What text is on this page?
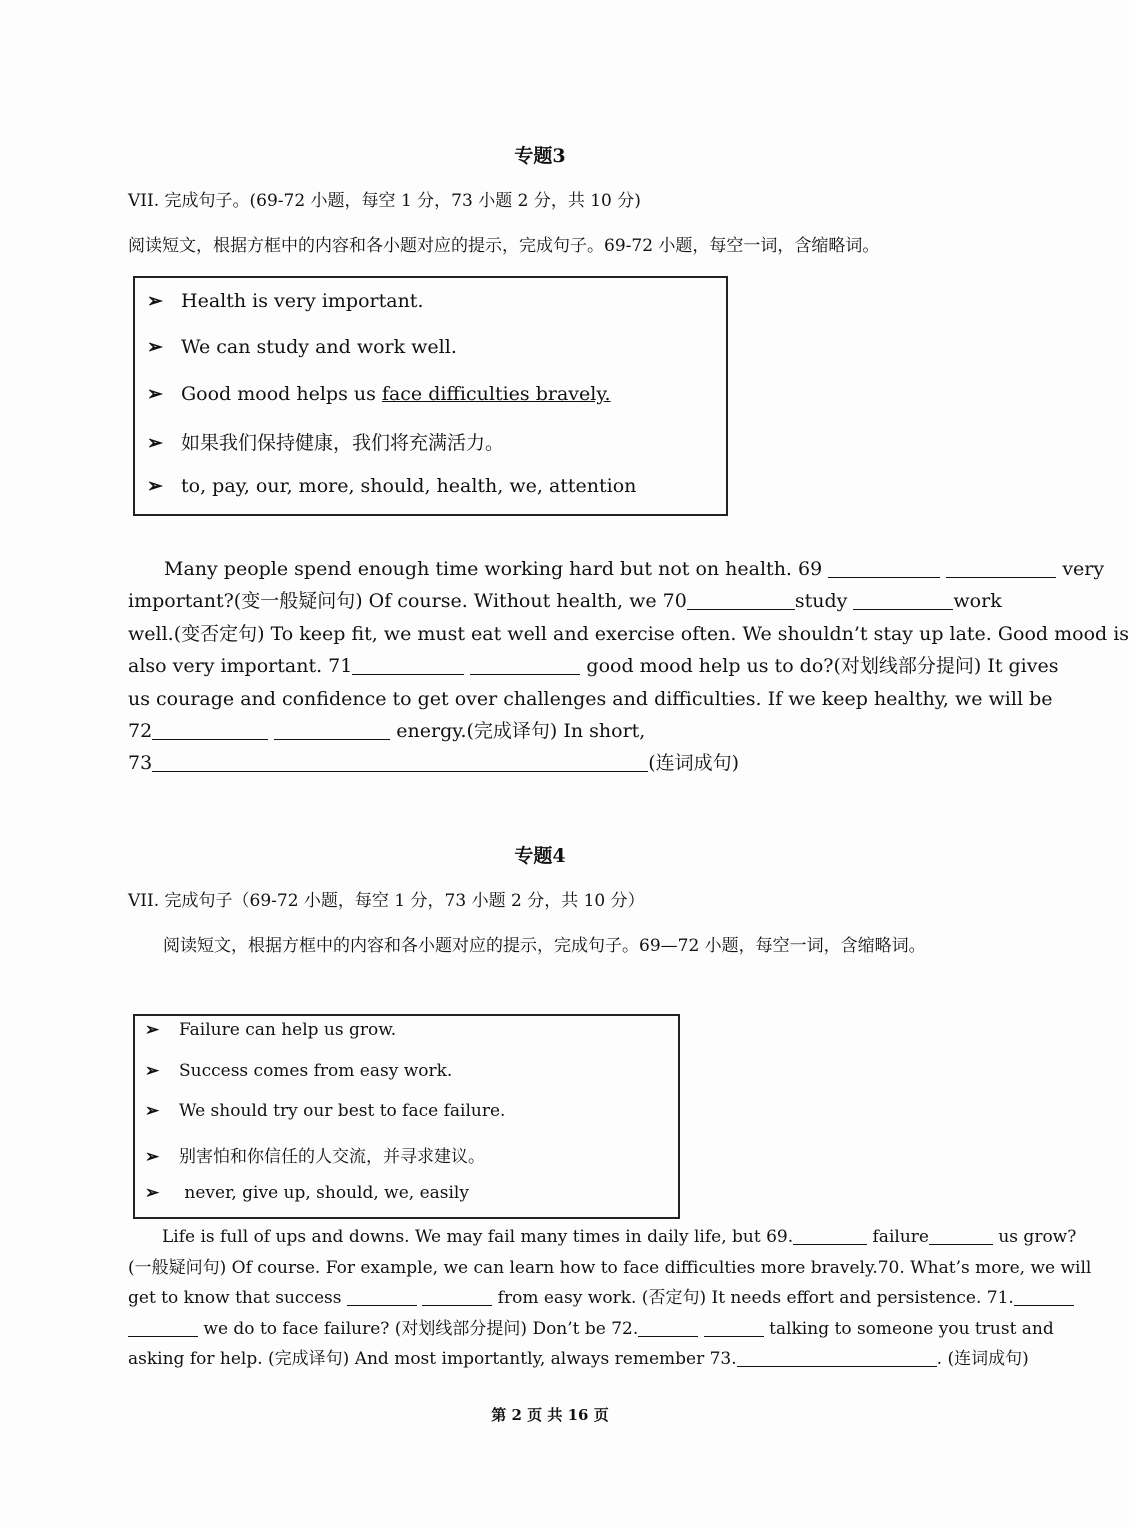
专题3
VII. 完成句子。(69-72 小题，每空 1 分，73 小题 2 分，共 10 分)
阅读短文，根据方框中的内容和各小题对应的提示，完成句子。69-72 小题，每空一词，含缩略词。
➢ Health is very important.
➢ We can study and work well.
➢ Good mood helps us face difficulties bravely.
➢ 如果我们保持健康，我们将充满活力。
➢ to, pay, our, more, should, health, we, attention
Many people spend enough time working hard but not on health. 69	very
important?(变一般疑问句) Of course. Without health, we 70	study	work
well.(变否定句) To keep fit, we must eat well and exercise often. We shouldn’t stay up late. Good mood is
also very important. 71	good mood help us to do?(对划线部分提问) It gives
us courage and confidence to get over challenges and difficulties. If we keep healthy, we will be
72	energy.(完成译句) In short,
73	(连词成句)
专题4
VII. 完成句子（69-72 小题，每空 1 分，73 小题 2 分，共 10 分）
阅读短文，根据方框中的内容和各小题对应的提示，完成句子。69—72 小题，每空一词，含缩略词。
➢ Failure can help us grow.
➢ Success comes from easy work.
➢ We should try our best to face failure.
➢ 别害怕和你信任的人交流，并寻求建议。
➢ never, give up, should, we, easily
Life is full of ups and downs. We may fail many times in daily life, but 69.	failure	us grow?
(一般疑问句) Of course. For example, we can learn how to face difficulties more bravely.70. What’s more, we will
get to know that success	from easy work. (否定句) It needs effort and persistence. 71.
we do to face failure? (对划线部分提问) Don’t be 72.	talking to someone you trust and
asking for help. (完成译句) And most importantly, always remember 73.	. (连词成句)
第 2 页 共 16 页
